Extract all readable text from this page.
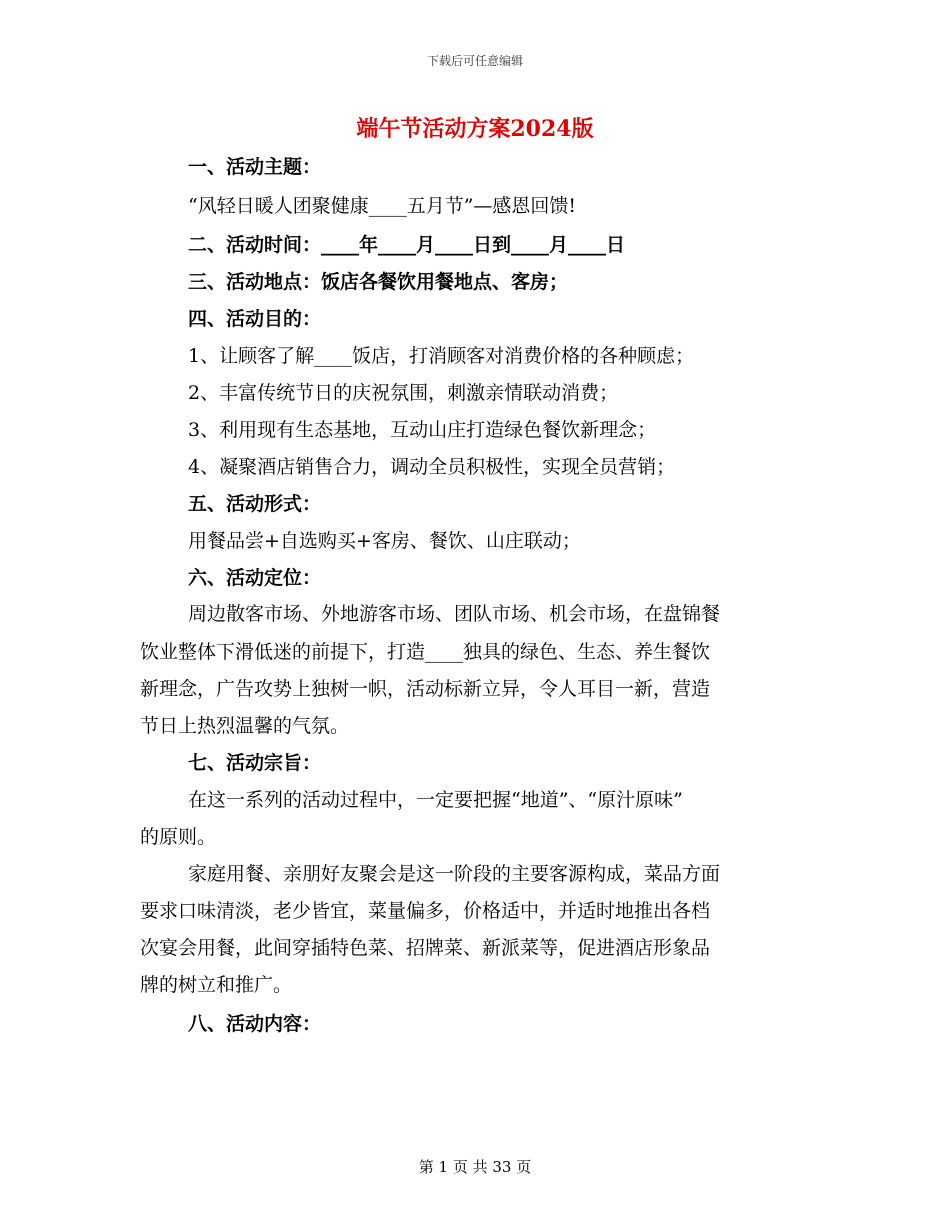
下载后可任意编辑
端午节活动方案2024版
一、活动主题：
“风轻日暖人团聚健康____五月节”—感恩回馈!
二、活动时间：____年____月____日到____月____日
三、活动地点：饭店各餐饮用餐地点、客房；
四、活动目的：
1、让顾客了解____饭店，打消顾客对消费价格的各种顾虑；
2、丰富传统节日的庆祝氛围，刺激亲情联动消费；
3、利用现有生态基地，互动山庄打造绿色餐饮新理念；
4、凝聚酒店销售合力，调动全员积极性，实现全员营销；
五、活动形式：
用餐品尝+自选购买+客房、餐饮、山庄联动；
六、活动定位：
周边散客市场、外地游客市场、团队市场、机会市场，在盘锦餐
饮业整体下滑低迷的前提下，打造____独具的绿色、生态、养生餐饮
新理念，广告攻势上独树一帜，活动标新立异，令人耳目一新，营造
节日上热烈温馨的气氛。
七、活动宗旨：
在这一系列的活动过程中，一定要把握“地道”、“原汁原味”
的原则。
家庭用餐、亲朋好友聚会是这一阶段的主要客源构成，菜品方面
要求口味清淡，老少皆宜，菜量偏多，价格适中，并适时地推出各档
次宴会用餐，此间穿插特色菜、招牌菜、新派菜等，促进酒店形象品
牌的树立和推广。
八、活动内容：
第 1 页 共 33 页
